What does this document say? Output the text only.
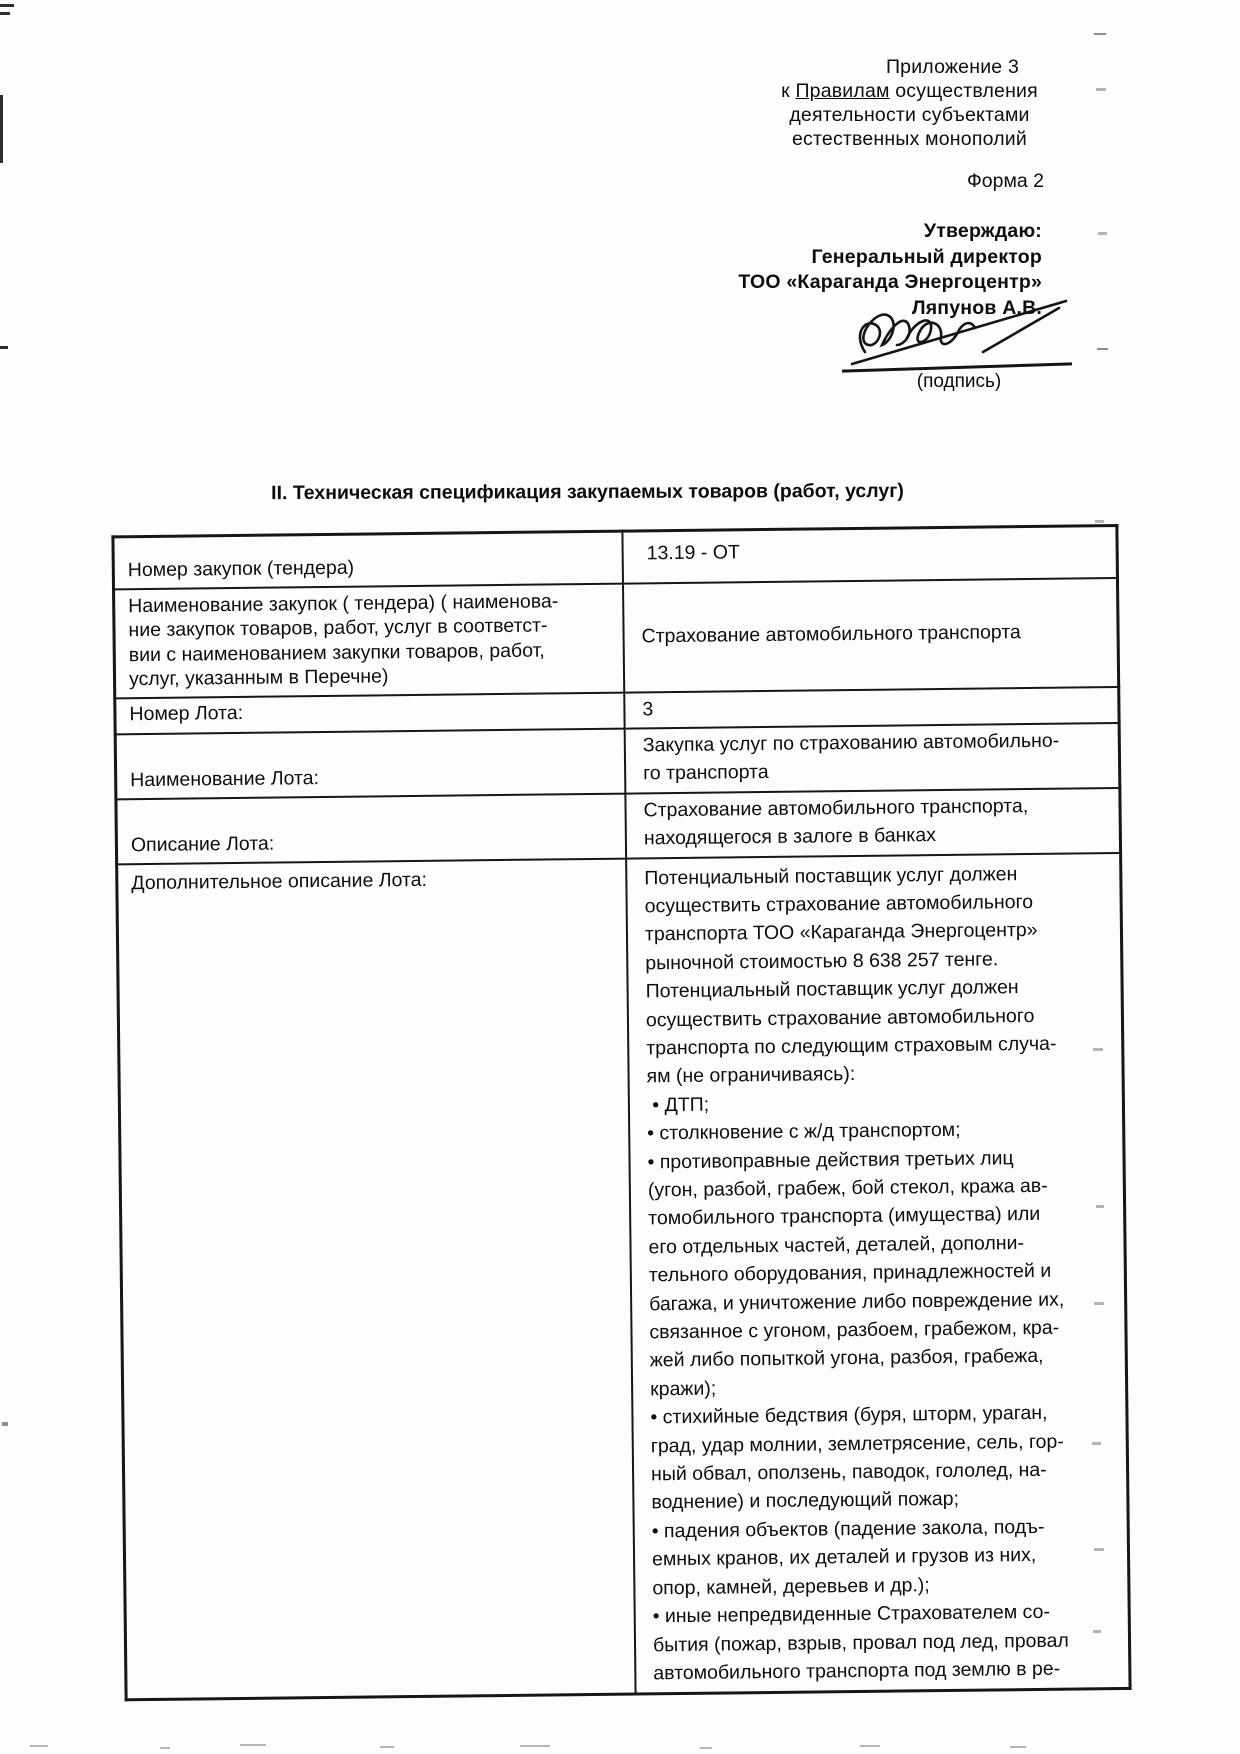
Приложение 3
к Правилам осуществления
деятельности субъектами
естественных монополий
Форма 2
Утверждаю:
Генеральный директор
ТОО «Караганда Энергоцентр»
Ляпунов А.В.
(подпись)
II. Техническая спецификация закупаемых товаров (работ, услуг)
Номер закупок (тендера)	13.19 - ОТ
Наименование закупок ( тендера) ( наименова-
ние закупок товаров, работ, услуг в соответст-
вии с наименованием закупки товаров, работ,
услуг, указанным в Перечне)	Страхование автомобильного транспорта
Номер Лота:	3
Наименование Лота:	Закупка услуг по страхованию автомобильно-
го транспорта
Описание Лота:	Страхование автомобильного транспорта,
находящегося в залоге в банках
Дополнительное описание Лота:	Потенциальный поставщик услуг должен
осуществить страхование автомобильного
транспорта ТОО «Караганда Энергоцентр»
рыночной стоимостью 8 638 257 тенге.
Потенциальный поставщик услуг должен
осуществить страхование автомобильного
транспорта по следующим страховым случа-
ям (не ограничиваясь):
• ДТП;
• столкновение с ж/д транспортом;
• противоправные действия третьих лиц
(угон, разбой, грабеж, бой стекол, кража ав-
томобильного транспорта (имущества) или
его отдельных частей, деталей, дополни-
тельного оборудования, принадлежностей и
багажа, и уничтожение либо повреждение их,
связанное с угоном, разбоем, грабежом, кра-
жей либо попыткой угона, разбоя, грабежа,
кражи);
• стихийные бедствия (буря, шторм, ураган,
град, удар молнии, землетрясение, сель, гор-
ный обвал, оползень, паводок, гололед, на-
воднение) и последующий пожар;
• падения объектов (падение закола, подъ-
емных кранов, их деталей и грузов из них,
опор, камней, деревьев и др.);
• иные непредвиденные Страхователем со-
бытия (пожар, взрыв, провал под лед, провал
автомобильного транспорта под землю в ре-
